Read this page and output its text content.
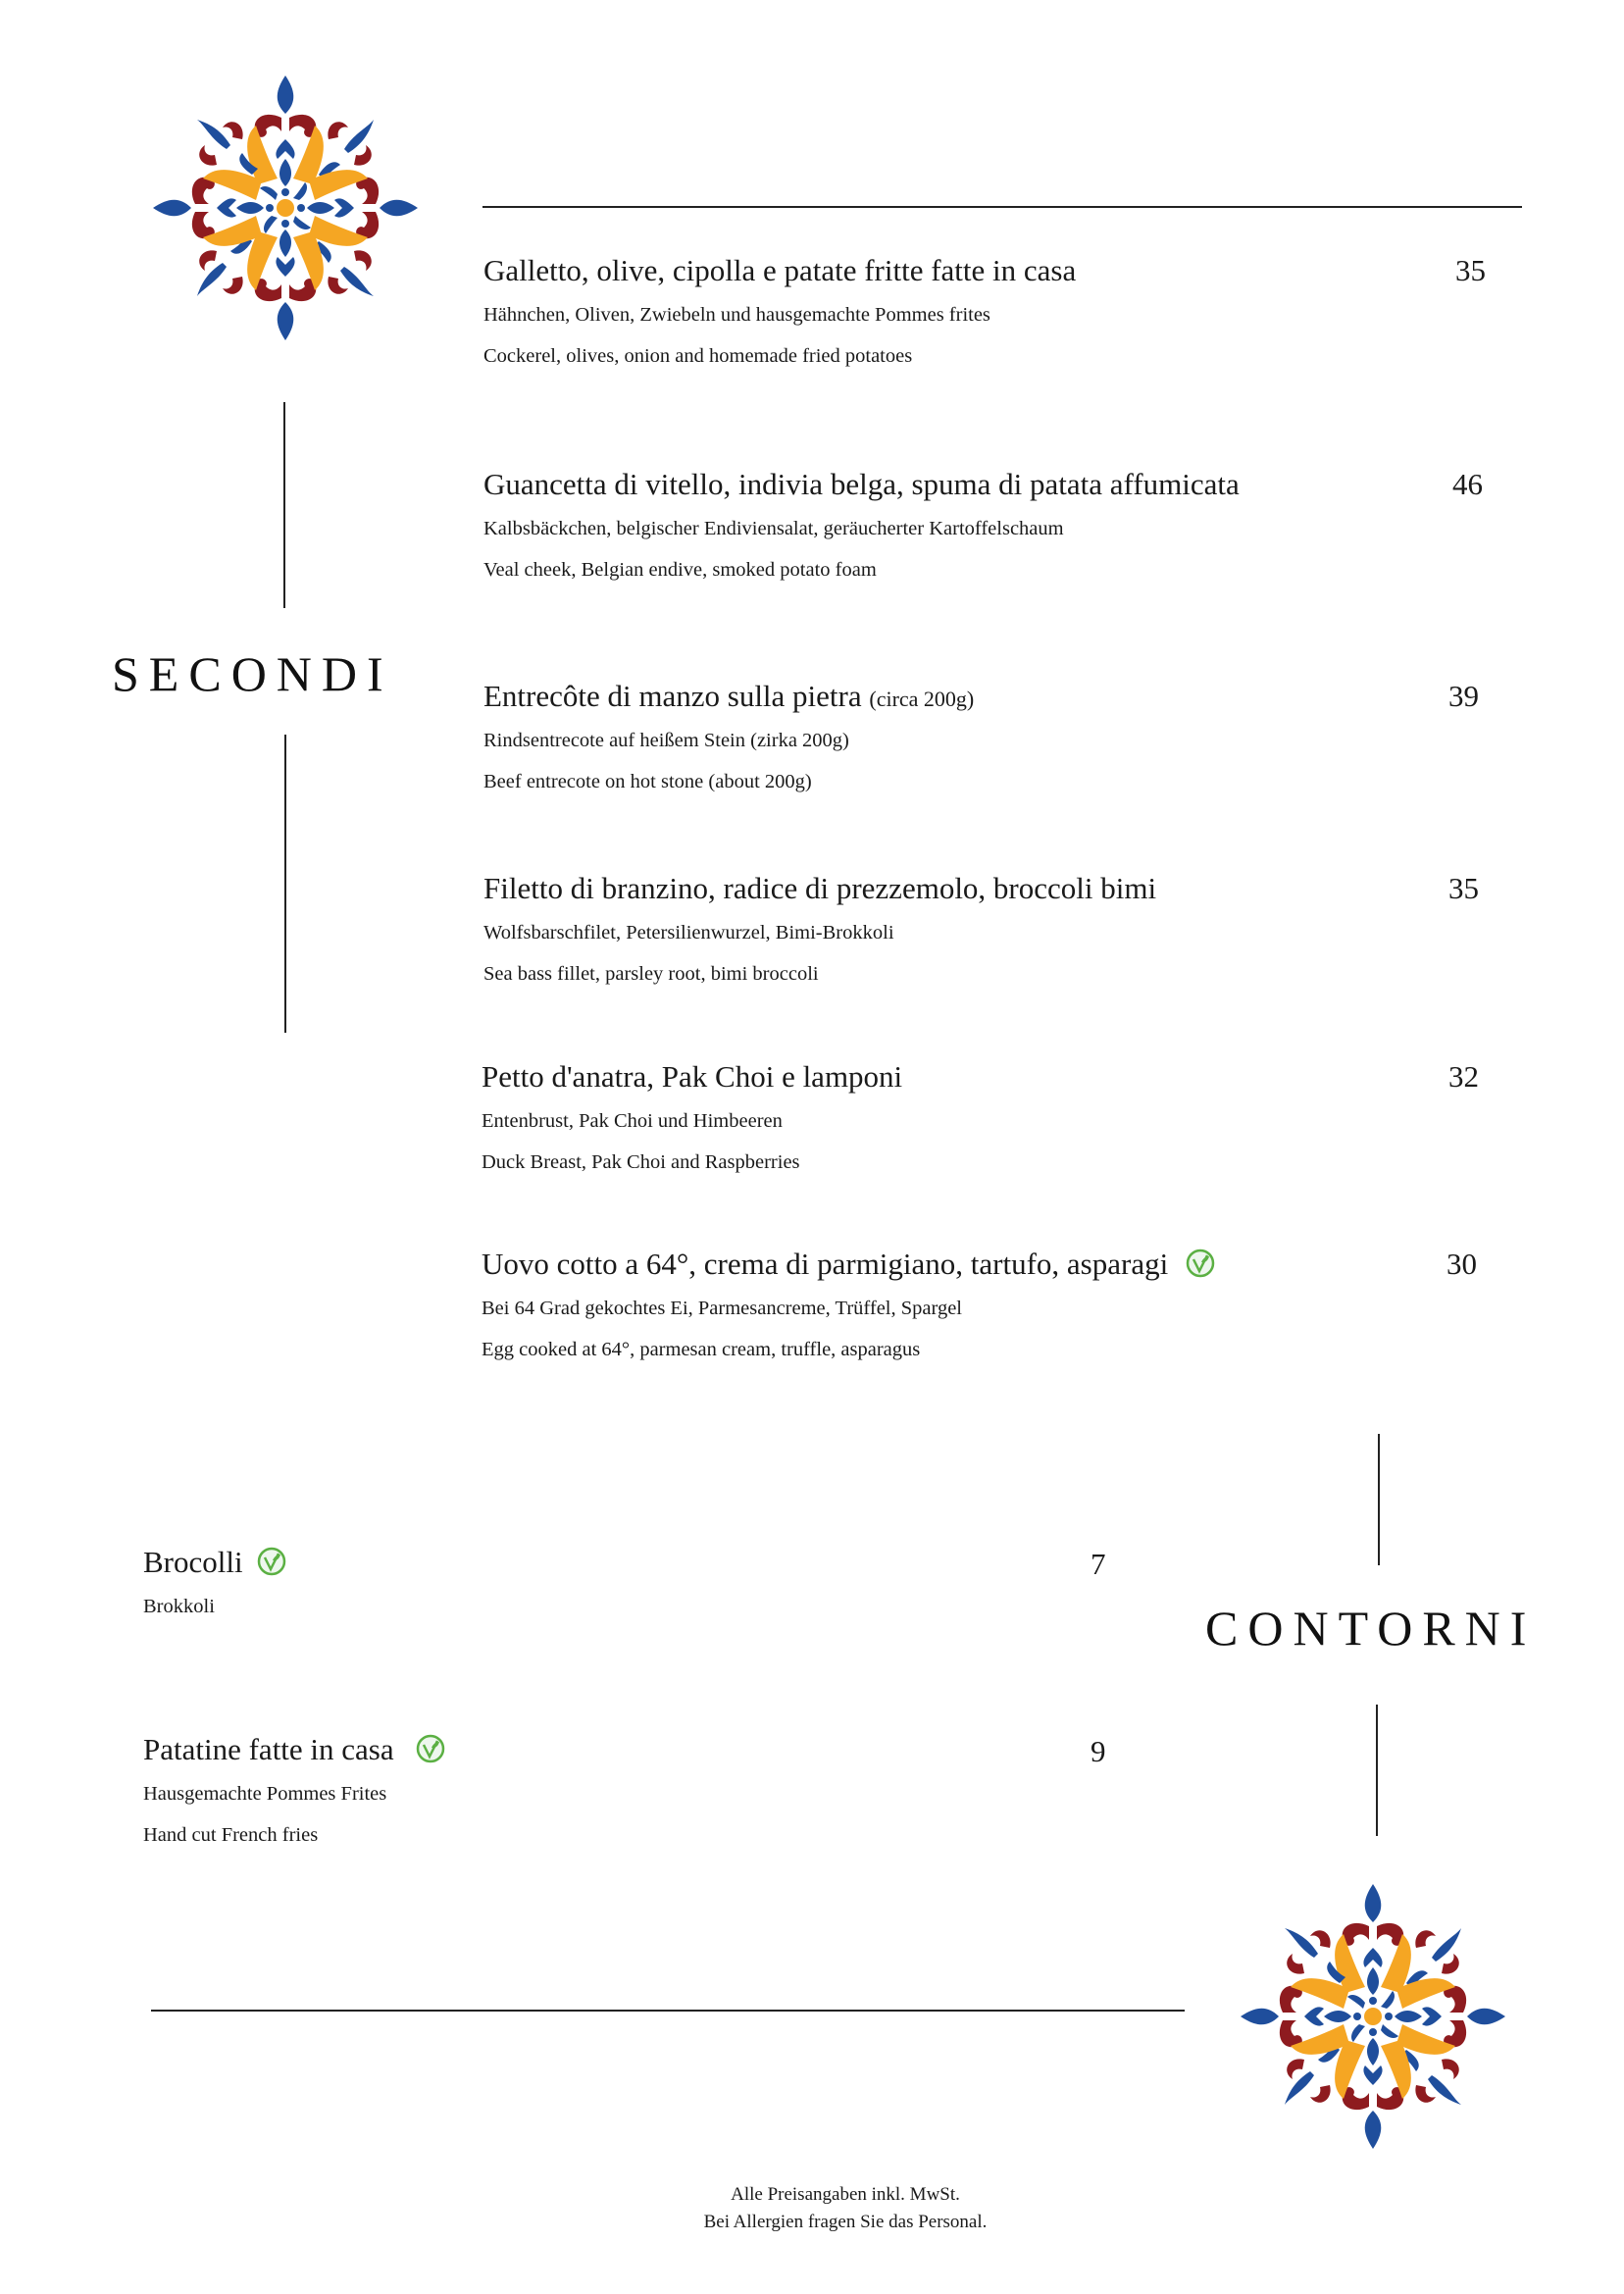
SECONDI
Galletto, olive, cipolla e patate fritte fatte in casa
Hähnchen, Oliven, Zwiebeln und hausgemachte Pommes frites
Cockerel, olives, onion and homemade fried potatoes
35
Guancetta di vitello, indivia belga, spuma di patata affumicata
Kalbsbäckchen, belgischer Endiviensalat, geräucherter Kartoffelschaum
Veal cheek, Belgian endive, smoked potato foam
46
Entrecôte di manzo sulla pietra (circa 200g)
Rindsentrecote auf heißem Stein (zirka 200g)
Beef entrecote on hot stone (about 200g)
39
Filetto di branzino, radice di prezzemolo, broccoli bimi
Wolfsbarschfilet, Petersilienwurzel, Bimi-Brokkoli
Sea bass fillet, parsley root, bimi broccoli
35
Petto d'anatra, Pak Choi e lamponi
Entenbrust, Pak Choi und Himbeeren
Duck Breast, Pak Choi and Raspberries
32
Uovo cotto a 64°, crema di parmigiano, tartufo, asparagi
Bei 64 Grad gekochtes Ei, Parmesancreme, Trüffel, Spargel
Egg cooked at 64°, parmesan cream, truffle, asparagus
30
CONTORNI
Brocolli
Brokkoli
7
Patatine fatte in casa
Hausgemachte Pommes Frites
Hand cut French fries
9
Alle Preisangaben inkl. MwSt.
Bei Allergien fragen Sie das Personal.
